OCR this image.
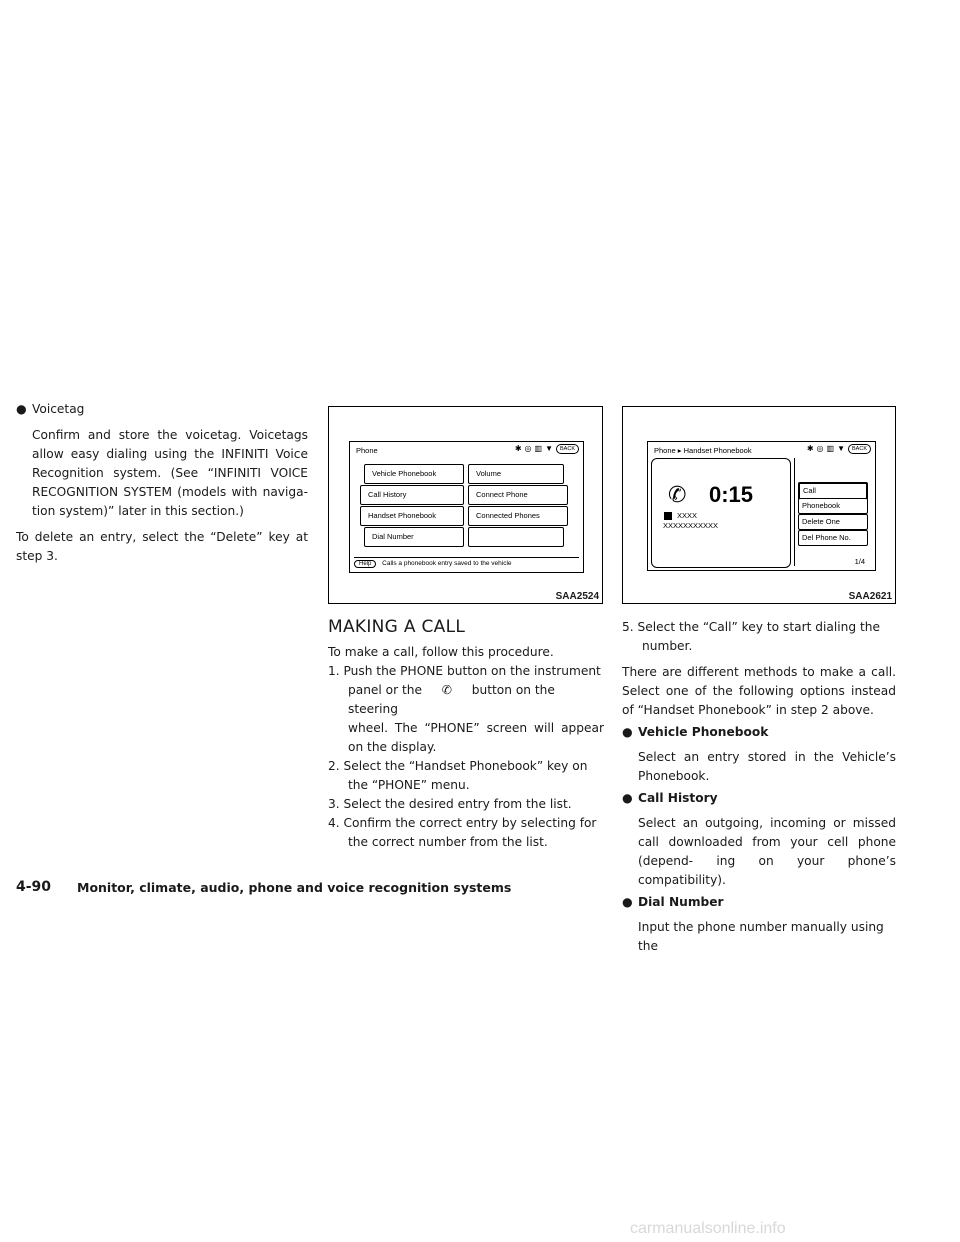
● Voicetag

Confirm and store the voicetag. Voicetags allow easy dialing using the INFINITI Voice Recognition system. (See “INFINITI VOICE RECOGNITION SYSTEM (models with naviga- tion system)” later in this section.)

To delete an entry, select the “Delete” key at step 3.

Phone	✱ ◎ ▥ ▼	BACK
Vehicle Phonebook
Call History
Handset Phonebook
Dial Number
Volume
Connect Phone
Connected Phones
Help Calls a phonebook entry saved to the vehicle
SAA2524
Phone ▸ Handset Phonebook	✱ ◎ ▥ ▼	BACK
✆ 0:15
XXXX
XXXXXXXXXXX
Call
Phonebook
Delete One
Del Phone No.
1/4
SAA2621

MAKING A CALL

To make a call, follow this procedure.

1. Push the PHONE button on the instrument

panel or the ✆ button on the steering

wheel. The “PHONE” screen will appear on the display.

2. Select the “Handset Phonebook” key on the “PHONE” menu.

3. Select the desired entry from the list.

4. Confirm the correct entry by selecting for the correct number from the list.

5. Select the “Call” key to start dialing the number.

There are different methods to make a call. Select one of the following options instead of “Handset Phonebook” in step 2 above.

● Vehicle Phonebook

Select an entry stored in the Vehicle’s Phonebook.

● Call History

Select an outgoing, incoming or missed call downloaded from your cell phone (depend- ing on your phone’s compatibility).

● Dial Number

Input the phone number manually using the

4-90 Monitor, climate, audio, phone and voice recognition systems
carmanualsonline.info
